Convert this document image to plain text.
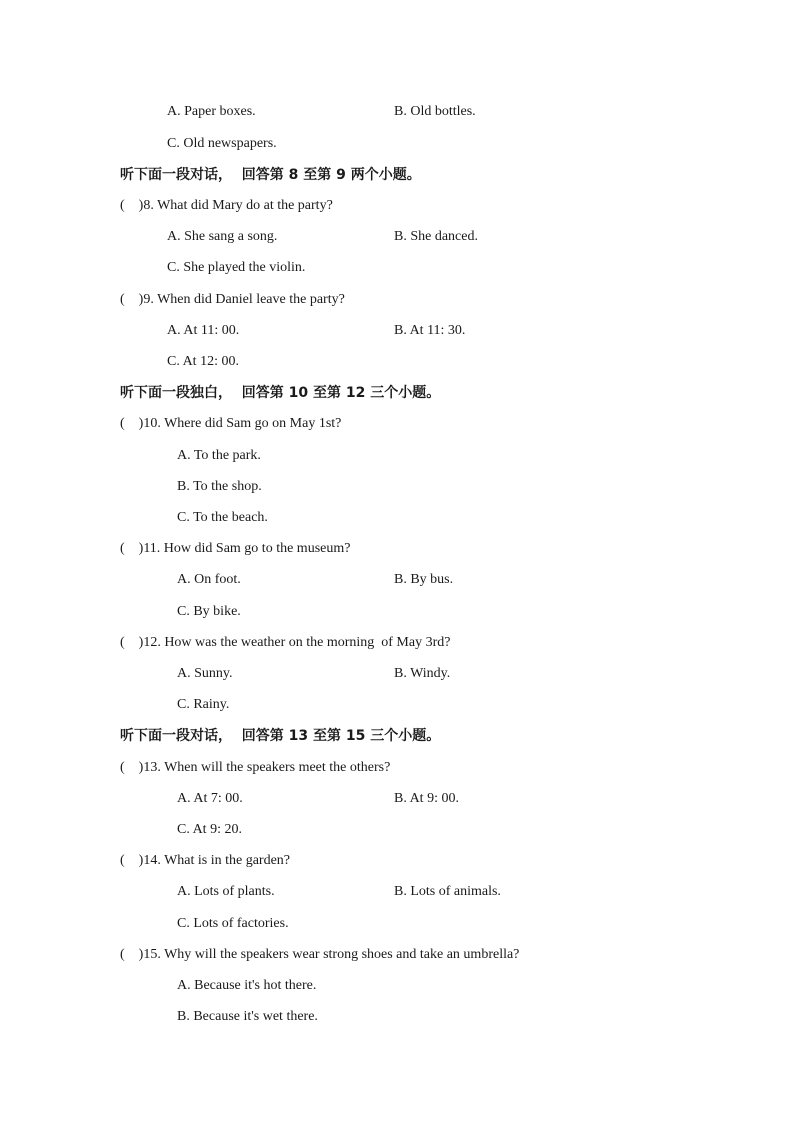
A. Paper boxes.	B. Old bottles.
C. Old newspapers.
听下面一段对话，  回答第 8 至第 9 两个小题。
(    )8. What did Mary do at the party?
A. She sang a song.	B. She danced.
C. She played the violin.
(    )9. When did Daniel leave the party?
A. At 11: 00.	B. At 11: 30.
C. At 12: 00.
听下面一段独白，  回答第 10 至第 12 三个小题。
(    )10. Where did Sam go on May 1st?
A. To the park.
B. To the shop.
C. To the beach.
(    )11. How did Sam go to the museum?
A. On foot.	B. By bus.
C. By bike.
(    )12. How was the weather on the morning  of May 3rd?
A. Sunny.	B. Windy.
C. Rainy.
听下面一段对话，  回答第 13 至第 15 三个小题。
(    )13. When will the speakers meet the others?
A. At 7: 00.	B. At 9: 00.
C. At 9: 20.
(    )14. What is in the garden?
A. Lots of plants.	B. Lots of animals.
C. Lots of factories.
(    )15. Why will the speakers wear strong shoes and take an umbrella?
A. Because it's hot there.
B. Because it's wet there.
